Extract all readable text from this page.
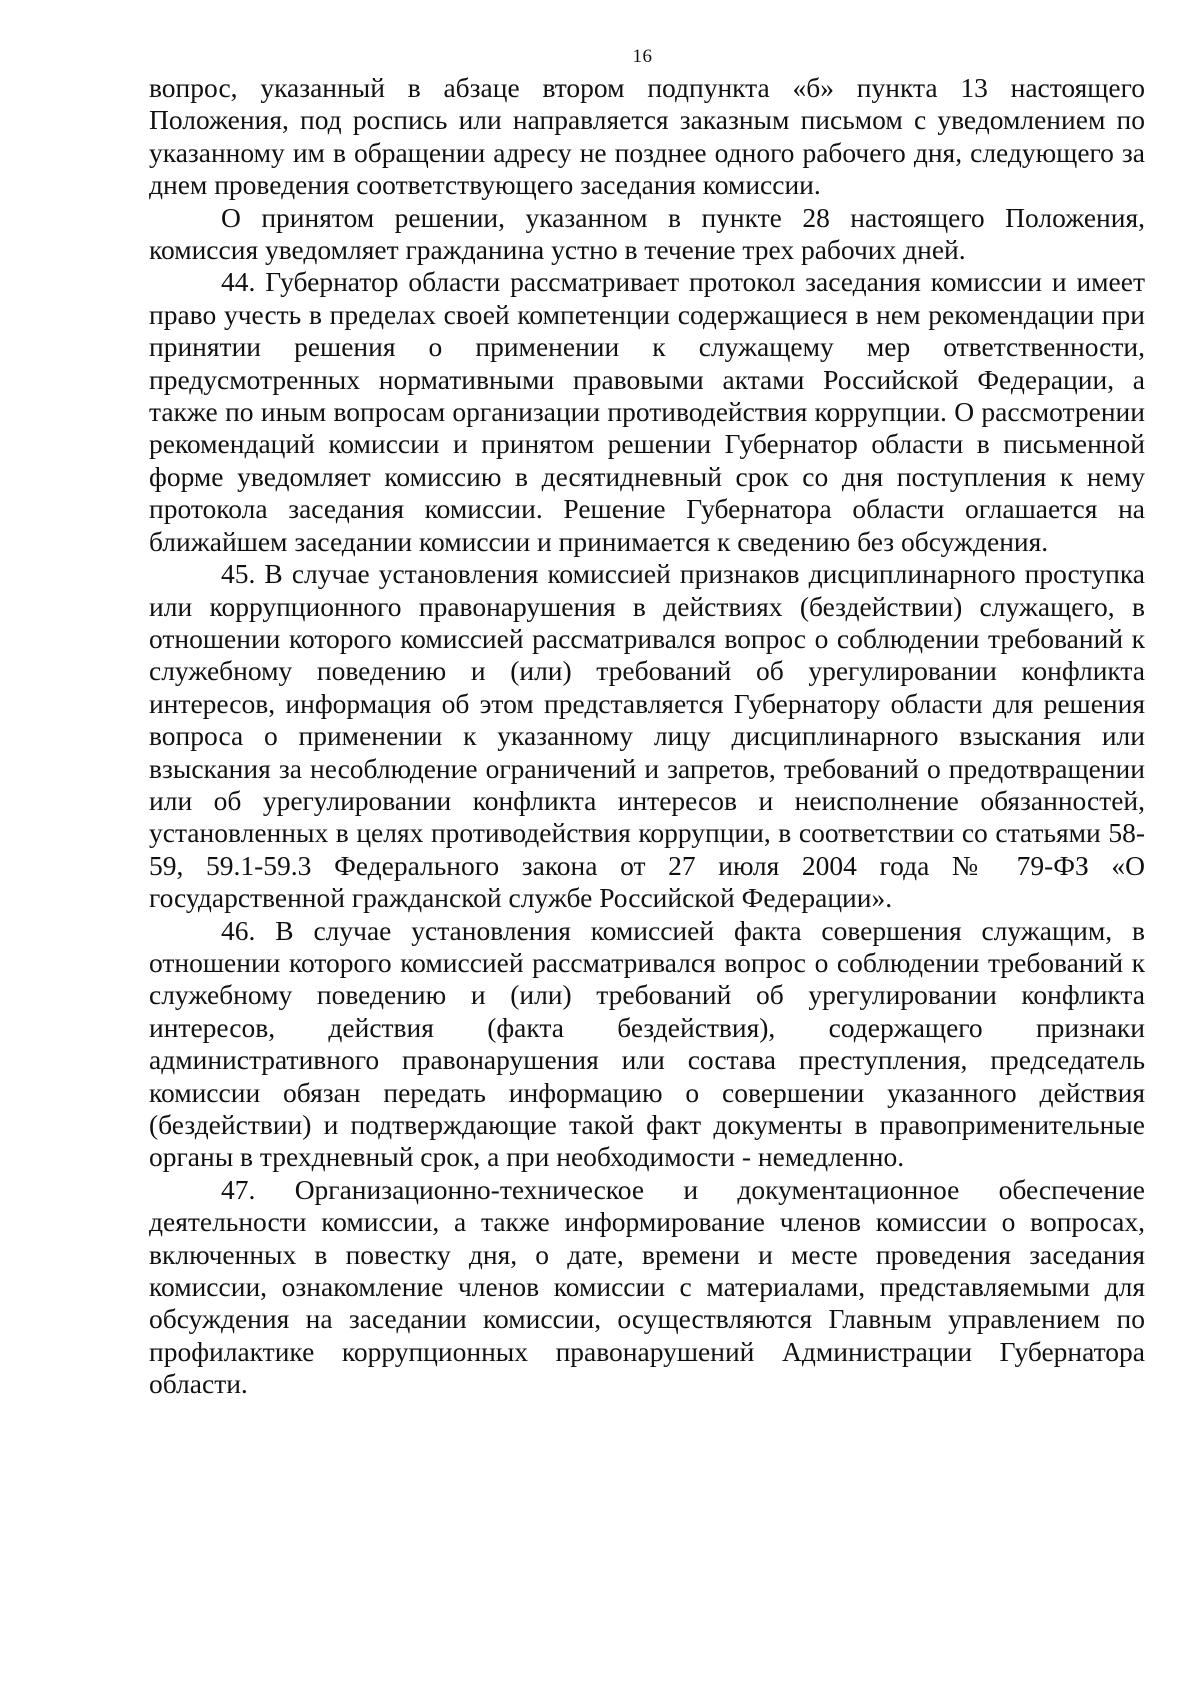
16

вопрос, указанный в абзаце втором подпункта «б» пункта 13 настоящего Положения, под роспись или направляется заказным письмом с уведомлением по указанному им в обращении адресу не позднее одного рабочего дня, следующего за днем проведения соответствующего заседания комиссии.

О принятом решении, указанном в пункте 28 настоящего Положения, комиссия уведомляет гражданина устно в течение трех рабочих дней.

44. Губернатор области рассматривает протокол заседания комиссии и имеет право учесть в пределах своей компетенции содержащиеся в нем рекомендации при принятии решения о применении к служащему мер ответственности, предусмотренных нормативными правовыми актами Российской Федерации, а также по иным вопросам организации противодействия коррупции. О рассмотрении рекомендаций комиссии и принятом решении Губернатор области в письменной форме уведомляет комиссию в десятидневный срок со дня поступления к нему протокола заседания комиссии. Решение Губернатора области оглашается на ближайшем заседании комиссии и принимается к сведению без обсуждения.

45. В случае установления комиссией признаков дисциплинарного проступка или коррупционного правонарушения в действиях (бездействии) служащего, в отношении которого комиссией рассматривался вопрос о соблюдении требований к служебному поведению и (или) требований об урегулировании конфликта интересов, информация об этом представляется Губернатору области для решения вопроса о применении к указанному лицу дисциплинарного взыскания или взыскания за несоблюдение ограничений и запретов, требований о предотвращении или об урегулировании конфликта интересов и неисполнение обязанностей, установленных в целях противодействия коррупции, в соответствии со статьями 58-59, 59.1-59.3 Федерального закона от 27 июля 2004 года № 79-ФЗ «О государственной гражданской службе Российской Федерации».

46. В случае установления комиссией факта совершения служащим, в отношении которого комиссией рассматривался вопрос о соблюдении требований к служебному поведению и (или) требований об урегулировании конфликта интересов, действия (факта бездействия), содержащего признаки административного правонарушения или состава преступления, председатель комиссии обязан передать информацию о совершении указанного действия (бездействии) и подтверждающие такой факт документы в правоприменительные органы в трехдневный срок, а при необходимости - немедленно.

47. Организационно-техническое и документационное обеспечение деятельности комиссии, а также информирование членов комиссии о вопросах, включенных в повестку дня, о дате, времени и месте проведения заседания комиссии, ознакомление членов комиссии с материалами, представляемыми для обсуждения на заседании комиссии, осуществляются Главным управлением по профилактике коррупционных правонарушений Администрации Губернатора области.
